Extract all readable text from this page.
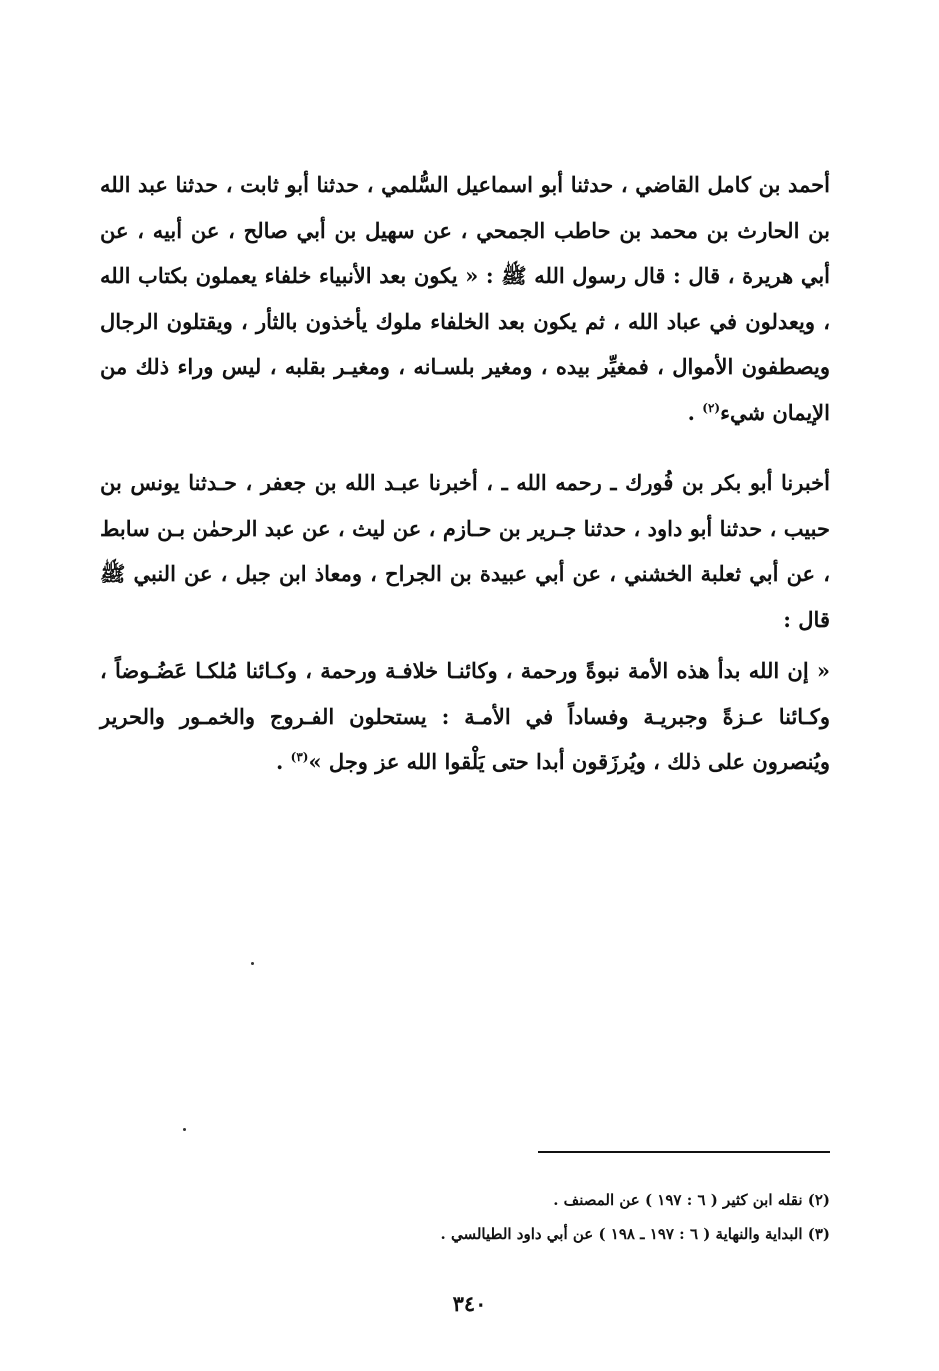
أحمد بن كامل القاضي ، حدثنا أبو اسماعيل السُّلمي ، حدثنا أبو ثابت ، حدثنا عبد الله بن الحارث بن محمد بن حاطب الجمحي ، عن سهيل بن أبي صالح ، عن أبيه ، عن أبي هريرة ، قال : قال رسول الله ﷺ : « يكون بعد الأنبياء خلفاء يعملون بكتاب الله ، ويعدلون في عباد الله ، ثم يكون بعد الخلفاء ملوك يأخذون بالثأر ، ويقتلون الرجال ويصطفون الأموال ، فمغيِّر بيده ، ومغير بلسـانه ، ومغيـر بقلبه ، ليس وراء ذلك من الإيمان شيء$^{(٢)}$ .

أخبرنا أبو بكر بن فُورك ـ رحمه الله ـ ، أخبرنا عبـد الله بن جعفر ، حـدثنا يونس بن حبيب ، حدثنا أبو داود ، حدثنا جـرير بن حـازم ، عن ليث ، عن عبد الرحمٰن بـن سابط ، عن أبي ثعلبة الخشني ، عن أبي عبيدة بن الجراح ، ومعاذ ابن جبل ، عن النبي ﷺ قال :

« إن الله بدأ هذه الأمة نبوةً ورحمة ، وكائنـا خلافـة ورحمة ، وكـائنا مُلكـا عَضُـوضاً ، وكـائنا عـزةً وجبريـة وفساداً في الأمـة : يستحلون الفـروج والخمـور والحرير ويُنصرون على ذلك ، ويُرزَقون أبدا حتى يَلْقوا الله عز وجل »$^{(٣)}$ .

(٢) نقله ابن كثير ( ٦ : ١٩٧ ) عن المصنف .

(٣) البداية والنهاية ( ٦ : ١٩٧ ـ ١٩٨ ) عن أبي داود الطيالسي .

٣٤٠
